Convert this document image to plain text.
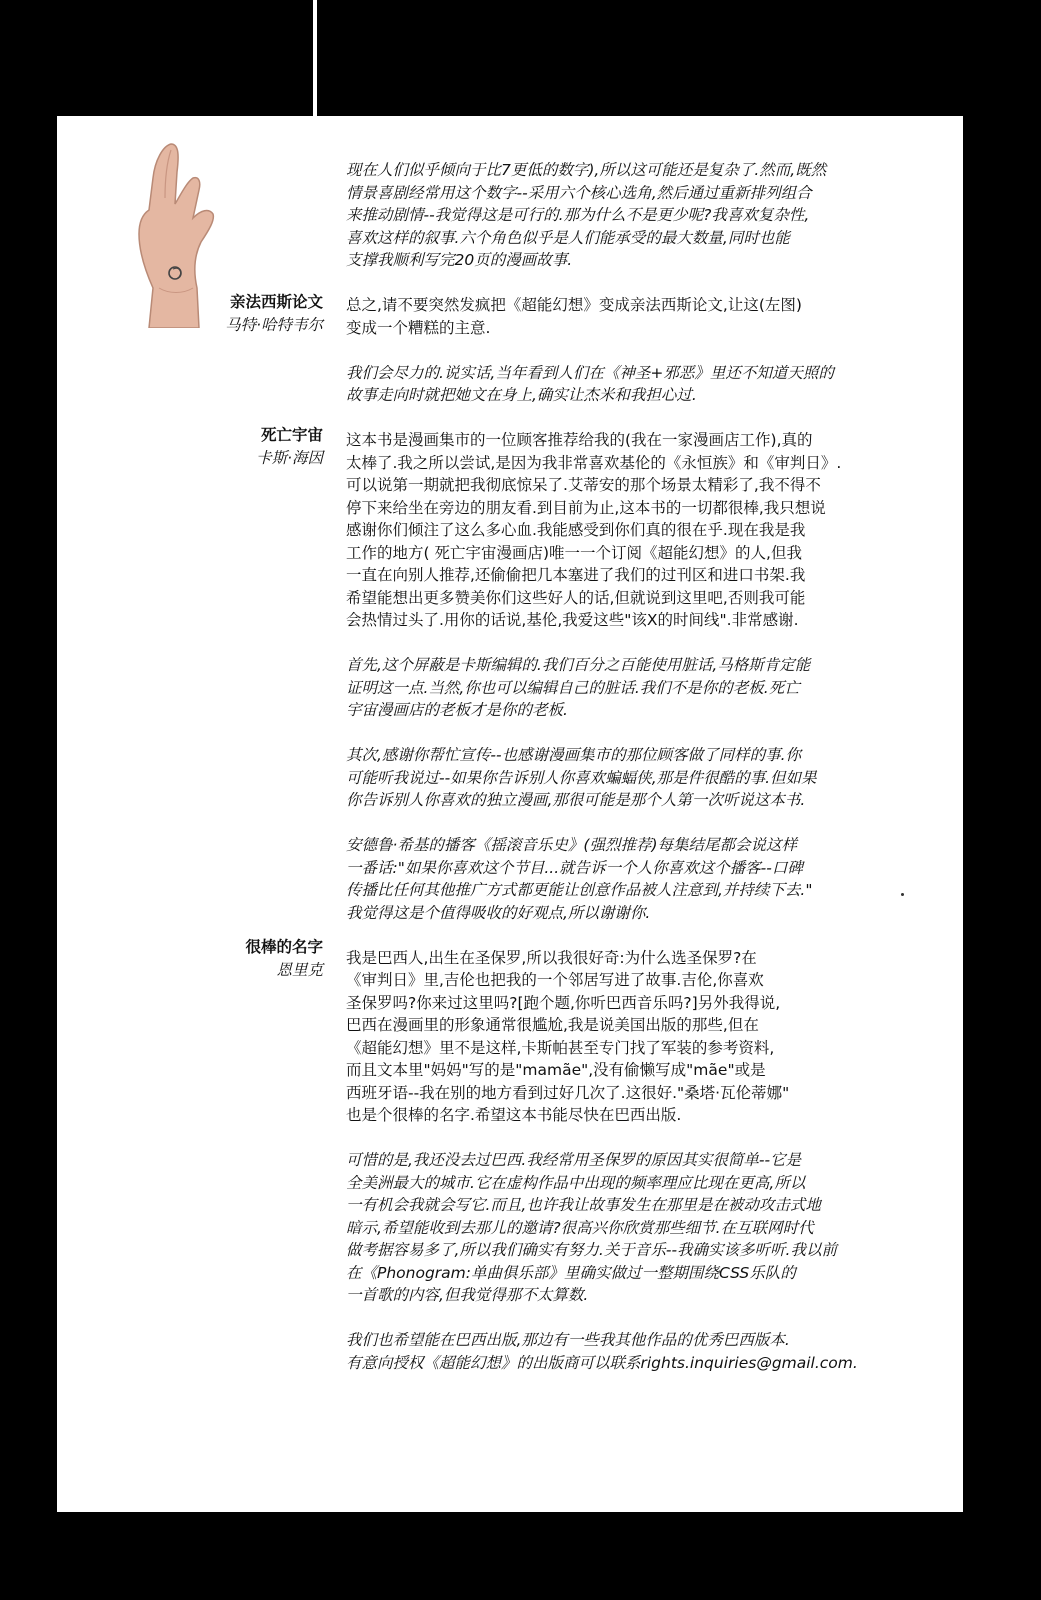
亲法西斯论文
马特·哈特韦尔
死亡宇宙
卡斯·海因
很棒的名字
恩里克

现在人们似乎倾向于比7更低的数字),所以这可能还是复杂了.然而,既然
情景喜剧经常用这个数字--采用六个核心选角,然后通过重新排列组合
来推动剧情--我觉得这是可行的.那为什么不是更少呢?我喜欢复杂性,
喜欢这样的叙事.六个角色似乎是人们能承受的最大数量,同时也能
支撑我顺利写完20页的漫画故事.

总之,请不要突然发疯把《超能幻想》变成亲法西斯论文,让这(左图)
变成一个糟糕的主意.

我们会尽力的.说实话,当年看到人们在《神圣+邪恶》里还不知道天照的
故事走向时就把她文在身上,确实让杰米和我担心过.

这本书是漫画集市的一位顾客推荐给我的(我在一家漫画店工作),真的
太棒了.我之所以尝试,是因为我非常喜欢基伦的《永恒族》和《审判日》.
可以说第一期就把我彻底惊呆了.艾蒂安的那个场景太精彩了,我不得不
停下来给坐在旁边的朋友看.到目前为止,这本书的一切都很棒,我只想说
感谢你们倾注了这么多心血.我能感受到你们真的很在乎.现在我是我
工作的地方( 死亡宇宙漫画店)唯一一个订阅《超能幻想》的人,但我
一直在向别人推荐,还偷偷把几本塞进了我们的过刊区和进口书架.我
希望能想出更多赞美你们这些好人的话,但就说到这里吧,否则我可能
会热情过头了.用你的话说,基伦,我爱这些"该X的时间线".非常感谢.

首先,这个屏蔽是卡斯编辑的.我们百分之百能使用脏话,马格斯肯定能
证明这一点.当然,你也可以编辑自己的脏话.我们不是你的老板.死亡
宇宙漫画店的老板才是你的老板.

其次,感谢你帮忙宣传--也感谢漫画集市的那位顾客做了同样的事.你
可能听我说过--如果你告诉别人你喜欢蝙蝠侠,那是件很酷的事.但如果
你告诉别人你喜欢的独立漫画,那很可能是那个人第一次听说这本书.

安德鲁·希基的播客《摇滚音乐史》(强烈推荐)每集结尾都会说这样
一番话:"如果你喜欢这个节目...就告诉一个人你喜欢这个播客--口碑
传播比任何其他推广方式都更能让创意作品被人注意到,并持续下去."
我觉得这是个值得吸收的好观点,所以谢谢你.

我是巴西人,出生在圣保罗,所以我很好奇:为什么选圣保罗?在
《审判日》里,吉伦也把我的一个邻居写进了故事.吉伦,你喜欢
圣保罗吗?你来过这里吗?[跑个题,你听巴西音乐吗?]另外我得说,
巴西在漫画里的形象通常很尴尬,我是说美国出版的那些,但在
《超能幻想》里不是这样,卡斯帕甚至专门找了军装的参考资料,
而且文本里"妈妈"写的是"mamãe",没有偷懒写成"mãe"或是
西班牙语--我在别的地方看到过好几次了.这很好."桑塔·瓦伦蒂娜"
也是个很棒的名字.希望这本书能尽快在巴西出版.

可惜的是,我还没去过巴西.我经常用圣保罗的原因其实很简单--它是
全美洲最大的城市.它在虚构作品中出现的频率理应比现在更高,所以
一有机会我就会写它.而且,也许我让故事发生在那里是在被动攻击式地
暗示,希望能收到去那儿的邀请?很高兴你欣赏那些细节.在互联网时代
做考据容易多了,所以我们确实有努力.关于音乐--我确实该多听听.我以前
在《Phonogram:单曲俱乐部》里确实做过一整期围绕CSS乐队的
一首歌的内容,但我觉得那不太算数.

我们也希望能在巴西出版,那边有一些我其他作品的优秀巴西版本.
有意向授权《超能幻想》的出版商可以联系rights.inquiries@gmail.com.
